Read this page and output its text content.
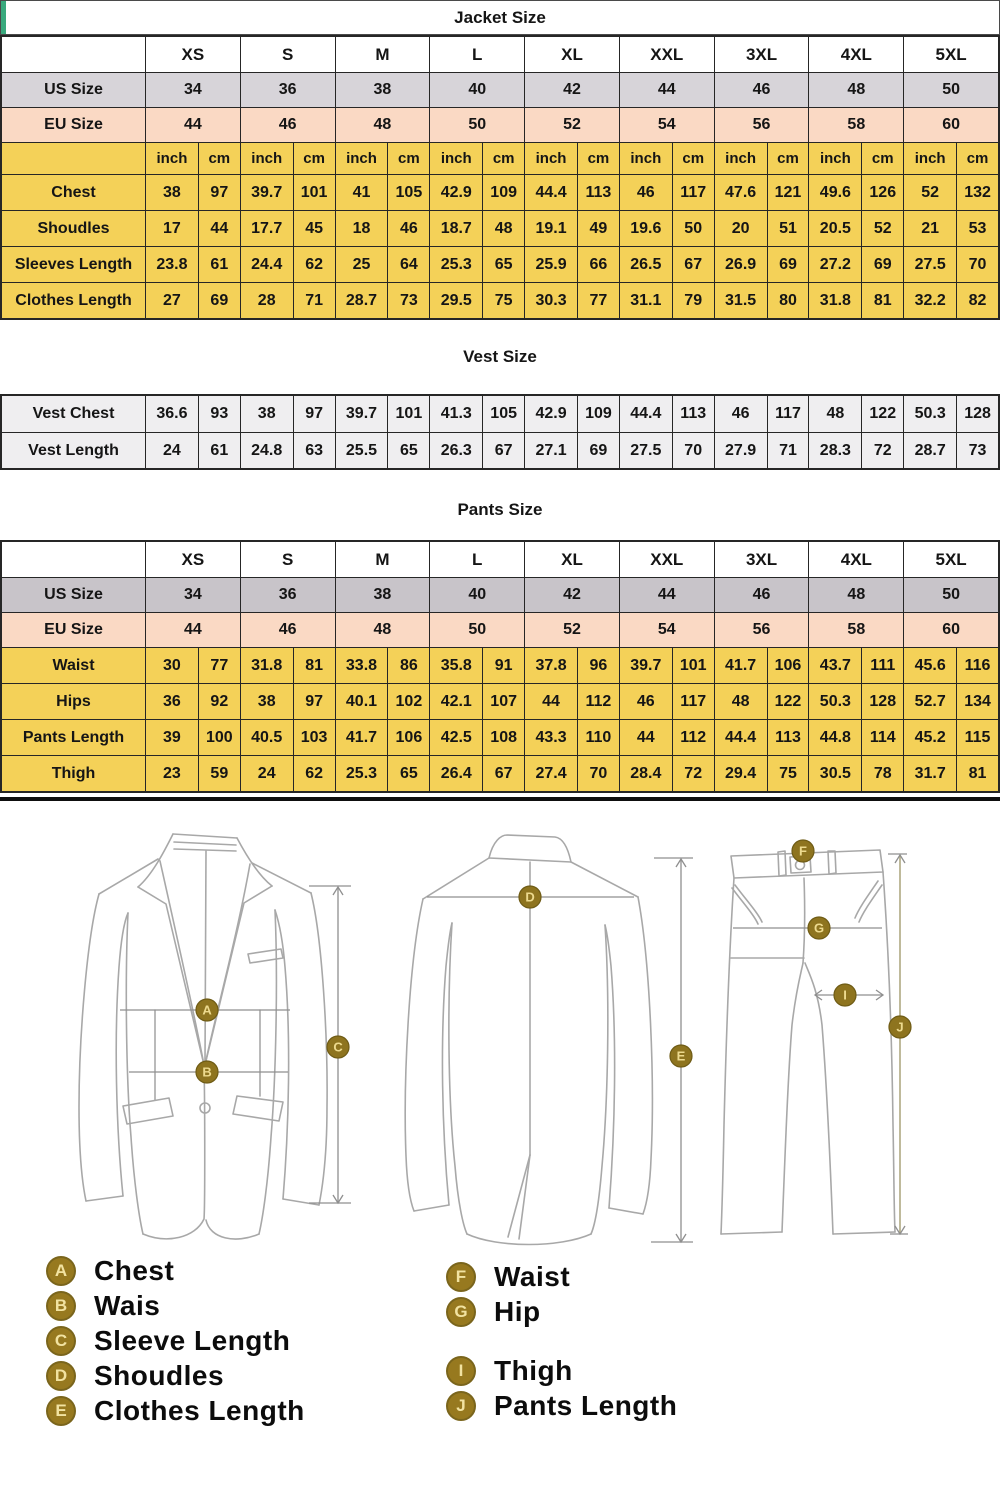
Jacket Size
XS	S	M	L	XL	XXL	3XL	4XL	5XL
US Size	34	36	38	40	42	44	46	48	50
EU Size	44	46	48	50	52	54	56	58	60
inch	cm	inch	cm	inch	cm	inch	cm	inch	cm	inch	cm	inch	cm	inch	cm	inch	cm
Chest	38	97	39.7	101	41	105	42.9	109	44.4	113	46	117	47.6	121	49.6	126	52	132
Shoudles	17	44	17.7	45	18	46	18.7	48	19.1	49	19.6	50	20	51	20.5	52	21	53
Sleeves Length	23.8	61	24.4	62	25	64	25.3	65	25.9	66	26.5	67	26.9	69	27.2	69	27.5	70
Clothes Length	27	69	28	71	28.7	73	29.5	75	30.3	77	31.1	79	31.5	80	31.8	81	32.2	82
Vest Size
Vest Chest	36.6	93	38	97	39.7	101	41.3	105	42.9	109	44.4	113	46	117	48	122	50.3	128
Vest Length	24	61	24.8	63	25.5	65	26.3	67	27.1	69	27.5	70	27.9	71	28.3	72	28.7	73
Pants Size
XS	S	M	L	XL	XXL	3XL	4XL	5XL
US Size	34	36	38	40	42	44	46	48	50
EU Size	44	46	48	50	52	54	56	58	60
Waist	30	77	31.8	81	33.8	86	35.8	91	37.8	96	39.7	101	41.7	106	43.7	111	45.6	116
Hips	36	92	38	97	40.1	102	42.1	107	44	112	46	117	48	122	50.3	128	52.7	134
Pants Length	39	100	40.5	103	41.7	106	42.5	108	43.3	110	44	112	44.4	113	44.8	114	45.2	115
Thigh	23	59	24	62	25.3	65	26.4	67	27.4	70	28.4	72	29.4	75	30.5	78	31.7	81
A
B
C
D
E
F
G
I
J
A Chest
B Wais
C Sleeve Length
D Shoudles
E Clothes Length
F Waist
G Hip
I	Thigh
J	Pants Length
